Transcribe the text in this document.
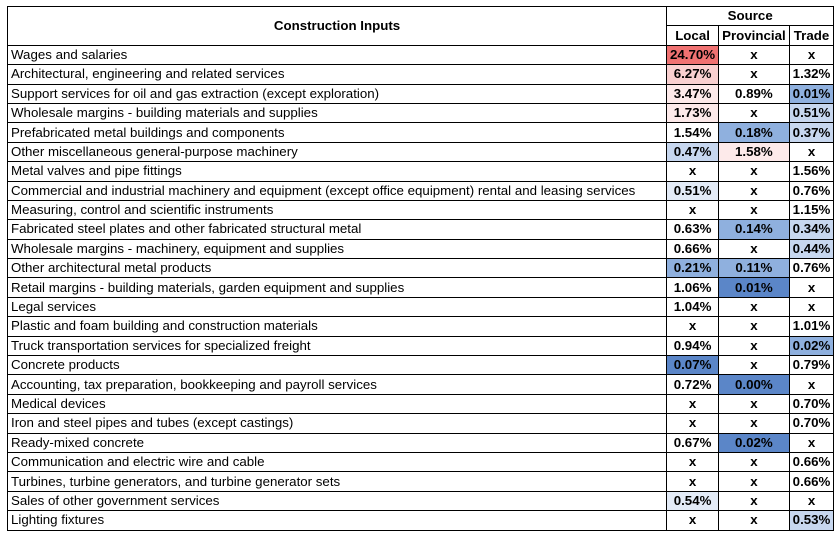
Construction Inputs	Source		
	Local	Provincial	Trade
Wages and salaries	24.70%	x	x
Architectural, engineering and related services	6.27%	x	1.32%
Support services for oil and gas extraction (except exploration)	3.47%	0.89%	0.01%
Wholesale margins - building materials and supplies	1.73%	x	0.51%
Prefabricated metal buildings and components	1.54%	0.18%	0.37%
Other miscellaneous general-purpose machinery	0.47%	1.58%	x
Metal valves and pipe fittings	x	x	1.56%
Commercial and industrial machinery and equipment (except office equipment) rental and leasing services	0.51%	x	0.76%
Measuring, control and scientific instruments	x	x	1.15%
Fabricated steel plates and other fabricated structural metal	0.63%	0.14%	0.34%
Wholesale margins - machinery, equipment and supplies	0.66%	x	0.44%
Other architectural metal products	0.21%	0.11%	0.76%
Retail margins - building materials, garden equipment and supplies	1.06%	0.01%	x
Legal services	1.04%	x	x
Plastic and foam building and construction materials	x	x	1.01%
Truck transportation services for specialized freight	0.94%	x	0.02%
Concrete products	0.07%	x	0.79%
Accounting, tax preparation, bookkeeping and payroll services	0.72%	0.00%	x
Medical devices	x	x	0.70%
Iron and steel pipes and tubes (except castings)	x	x	0.70%
Ready-mixed concrete	0.67%	0.02%	x
Communication and electric wire and cable	x	x	0.66%
Turbines, turbine generators, and turbine generator sets	x	x	0.66%
Sales of other government services	0.54%	x	x
Lighting fixtures	x	x	0.53%
